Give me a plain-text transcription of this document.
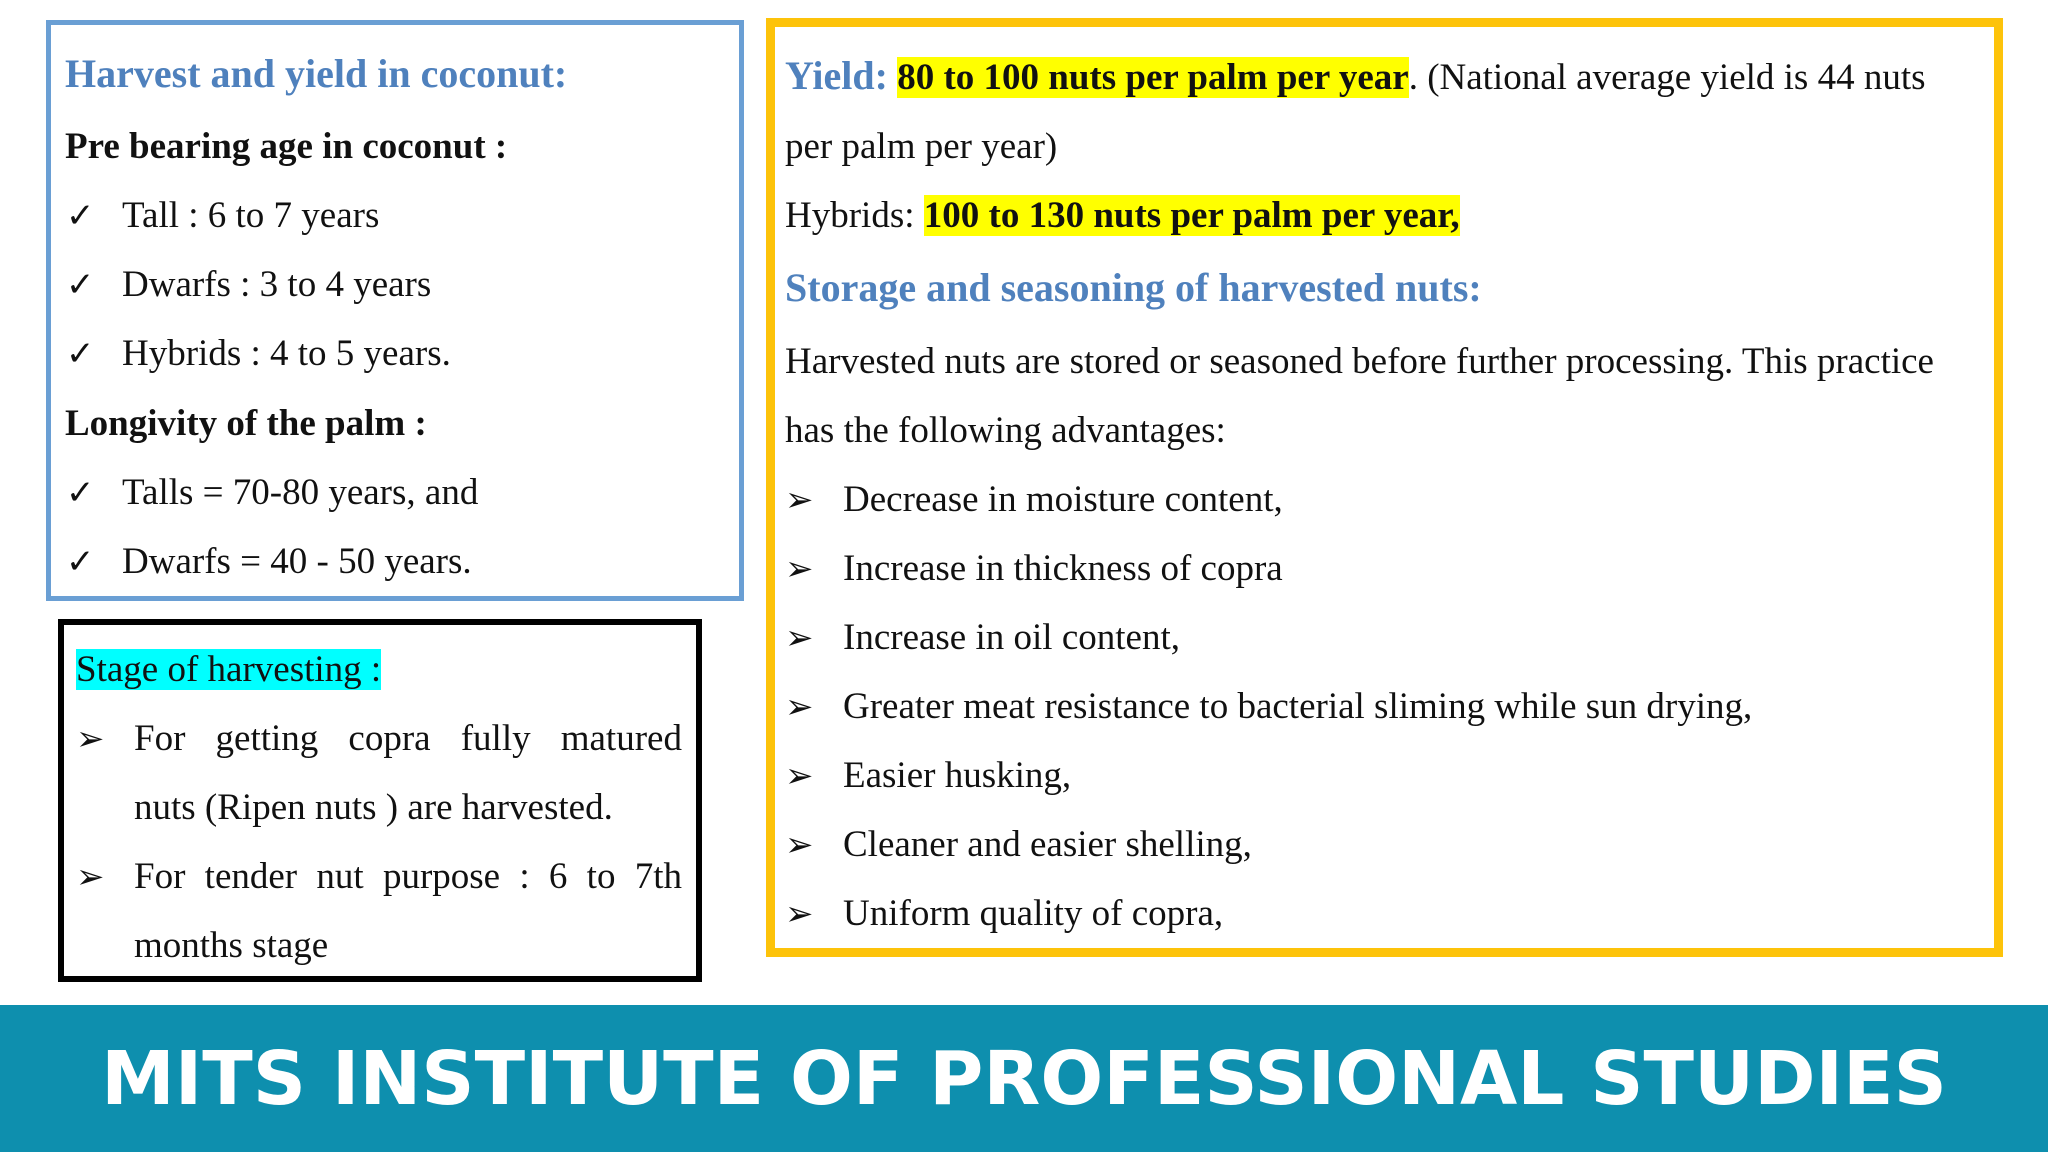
Harvest and yield in coconut:
Pre bearing age in coconut :
✓ Tall : 6 to 7 years
✓ Dwarfs : 3 to 4 years
✓ Hybrids : 4 to 5 years.
Longivity of the palm :
✓ Talls = 70-80 years, and
✓ Dwarfs = 40 - 50 years.
Stage of harvesting :
➢ For getting copra fully matured
nuts (Ripen nuts ) are harvested.
➢ For tender nut purpose : 6 to 7th
months stage
Yield: 80 to 100 nuts per palm per year. (National average yield is 44 nuts
per palm per year)
Hybrids: 100 to 130 nuts per palm per year,
Storage and seasoning of harvested nuts:
Harvested nuts are stored or seasoned before further processing. This practice
has the following advantages:
➢ Decrease in moisture content,
➢ Increase in thickness of copra
➢ Increase in oil content,
➢ Greater meat resistance to bacterial sliming while sun drying,
➢ Easier husking,
➢ Cleaner and easier shelling,
➢ Uniform quality of copra,
MITS INSTITUTE OF PROFESSIONAL STUDIES
